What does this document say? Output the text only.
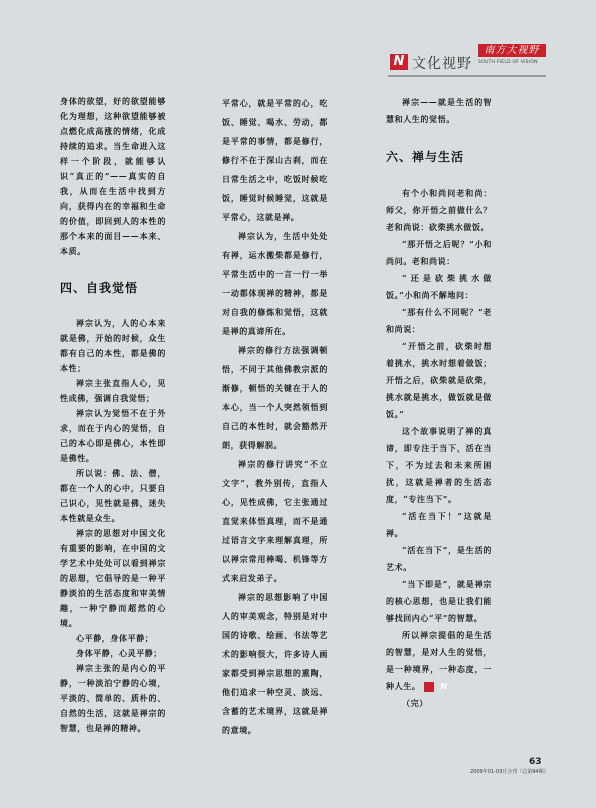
N 文化视野
南方大视野
SOUTH FIELD OF VISION

身体的欲望，好的欲望能够化为理想，这种欲望能够被点燃化成高涨的情绪，化成持续的追求。当生命进入这样一个阶段，就能够认识“真正的”——真实的自我，从而在生活中找到方向，获得内在的幸福和生命的价值，即回到人的本性的那个本来的面目——本来、本质。

四、自我觉悟

禅宗认为，人的心本来就是佛，开始的时候，众生都有自己的本性，都是佛的本性；

禅宗主张直指人心，见性成佛，强调自我觉悟；

禅宗认为觉悟不在于外求，而在于内心的觉悟，自己的本心即是佛心，本性即是佛性。

所以说：佛、法、僧，都在一个人的心中，只要自己识心，见性就是佛，迷失本性就是众生。

禅宗的思想对中国文化有重要的影响，在中国的文学艺术中处处可以看到禅宗的思想，它倡导的是一种平静淡泊的生活态度和审美情趣，一种宁静而超然的心境。

心平静，身体平静；

身体平静，心灵平静；

禅宗主张的是内心的平静，一种淡泊宁静的心境，平淡的、简单的、质朴的、自然的生活，这就是禅宗的智慧，也是禅的精神。

平常心，就是平常的心，吃饭、睡觉、喝水、劳动，都是平常的事情，都是修行，修行不在于深山古刹，而在日常生活之中，吃饭时候吃饭，睡觉时候睡觉，这就是平常心，这就是禅。

禅宗认为，生活中处处有禅，运水搬柴都是修行，平常生活中的一言一行一举一动都体现禅的精神，都是对自我的修炼和觉悟，这就是禅的真谛所在。

禅宗的修行方法强调顿悟，不同于其他佛教宗派的渐修，顿悟的关键在于人的本心，当一个人突然领悟到自己的本性时，就会豁然开朗，获得解脱。

禅宗的修行讲究“不立文字”，教外别传，直指人心，见性成佛，它主张通过直觉来体悟真理，而不是通过语言文字来理解真理，所以禅宗常用棒喝、机锋等方式来启发弟子。

禅宗的思想影响了中国人的审美观念，特别是对中国的诗歌、绘画、书法等艺术的影响很大，许多诗人画家都受到禅宗思想的熏陶，他们追求一种空灵、淡远、含蓄的艺术境界，这就是禅的意境。

禅宗——就是生活的智慧和人生的觉悟。

六、禅与生活

有个小和尚问老和尚：师父，你开悟之前做什么？老和尚说：砍柴挑水做饭。

“那开悟之后呢？”小和尚问。老和尚说：

“还是砍柴挑水做饭。”小和尚不解地问：

“那有什么不同呢？”老和尚说：

“开悟之前，砍柴时想着挑水，挑水时想着做饭；开悟之后，砍柴就是砍柴，挑水就是挑水，做饭就是做饭。”

这个故事说明了禅的真谛，即专注于当下，活在当下，不为过去和未来所困扰，这就是禅者的生活态度，“专注当下”。

“活在当下！”这就是禅。

“活在当下”，是生活的艺术。

“当下即是”，就是禅宗的核心思想，也是让我们能够找回内心“平”的智慧。

所以禅宗提倡的是生活的智慧，是对人生的觉悟，是一种境界，一种态度，一种人生。	N

（完）

63
2009年01-03月合刊（总第94期）
